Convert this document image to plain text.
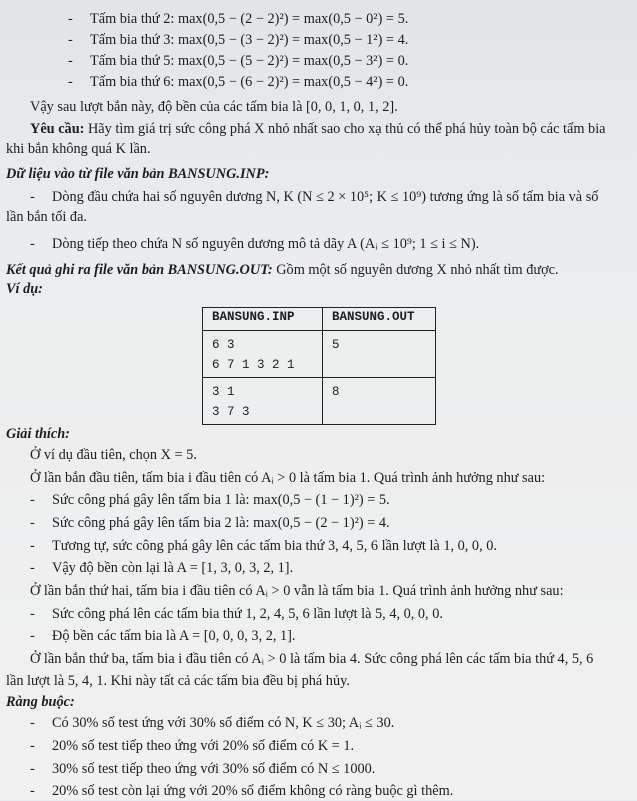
- Tấm bia thứ 2: max(0,5 − (2 − 2)²) = max(0,5 − 0²) = 5.
- Tấm bia thứ 3: max(0,5 − (3 − 2)²) = max(0,5 − 1²) = 4.
- Tấm bia thứ 5: max(0,5 − (5 − 2)²) = max(0,5 − 3²) = 0.
- Tấm bia thứ 6: max(0,5 − (6 − 2)²) = max(0,5 − 4²) = 0.
Vậy sau lượt bắn này, độ bền của các tấm bia là [0, 0, 1, 0, 1, 2].
Yêu cầu: Hãy tìm giá trị sức công phá X nhỏ nhất sao cho xạ thủ có thể phá hủy toàn bộ các tấm bia
khi bắn không quá K lần.
Dữ liệu vào từ file văn bản BANSUNG.INP:
- Dòng đầu chứa hai số nguyên dương N, K (N ≤ 2 × 10⁵; K ≤ 10⁹) tương ứng là số tấm bia và số
lần bắn tối đa.
- Dòng tiếp theo chứa N số nguyên dương mô tả dãy A (Aᵢ ≤ 10⁹; 1 ≤ i ≤ N).
Kết quả ghi ra file văn bản BANSUNG.OUT: Gồm một số nguyên dương X nhỏ nhất tìm được.
Ví dụ:
BANSUNG.INP	BANSUNG.OUT

6 3
6 7 1 3 2 1	5

3 1
3 7 3	8
Giải thích:
Ở ví dụ đầu tiên, chọn X = 5.
Ở lần bắn đầu tiên, tấm bia i đầu tiên có Aᵢ > 0 là tấm bia 1. Quá trình ảnh hưởng như sau:
- Sức công phá gây lên tấm bia 1 là: max(0,5 − (1 − 1)²) = 5.
- Sức công phá gây lên tấm bia 2 là: max(0,5 − (2 − 1)²) = 4.
- Tương tự, sức công phá gây lên các tấm bia thứ 3, 4, 5, 6 lần lượt là 1, 0, 0, 0.
- Vậy độ bền còn lại là A = [1, 3, 0, 3, 2, 1].
Ở lần bắn thứ hai, tấm bia i đầu tiên có Aᵢ > 0 vẫn là tấm bia 1. Quá trình ảnh hưởng như sau:
- Sức công phá lên các tấm bia thứ 1, 2, 4, 5, 6 lần lượt là 5, 4, 0, 0, 0.
- Độ bền các tấm bia là A = [0, 0, 0, 3, 2, 1].
Ở lần bắn thứ ba, tấm bia i đầu tiên có Aᵢ > 0 là tấm bia 4. Sức công phá lên các tấm bia thứ 4, 5, 6
lần lượt là 5, 4, 1. Khi này tất cả các tấm bia đều bị phá hủy.
Ràng buộc:
- Có 30% số test ứng với 30% số điểm có N, K ≤ 30; Aᵢ ≤ 30.
- 20% số test tiếp theo ứng với 20% số điểm có K = 1.
- 30% số test tiếp theo ứng với 30% số điểm có N ≤ 1000.
- 20% số test còn lại ứng với 20% số điểm không có ràng buộc gì thêm.
